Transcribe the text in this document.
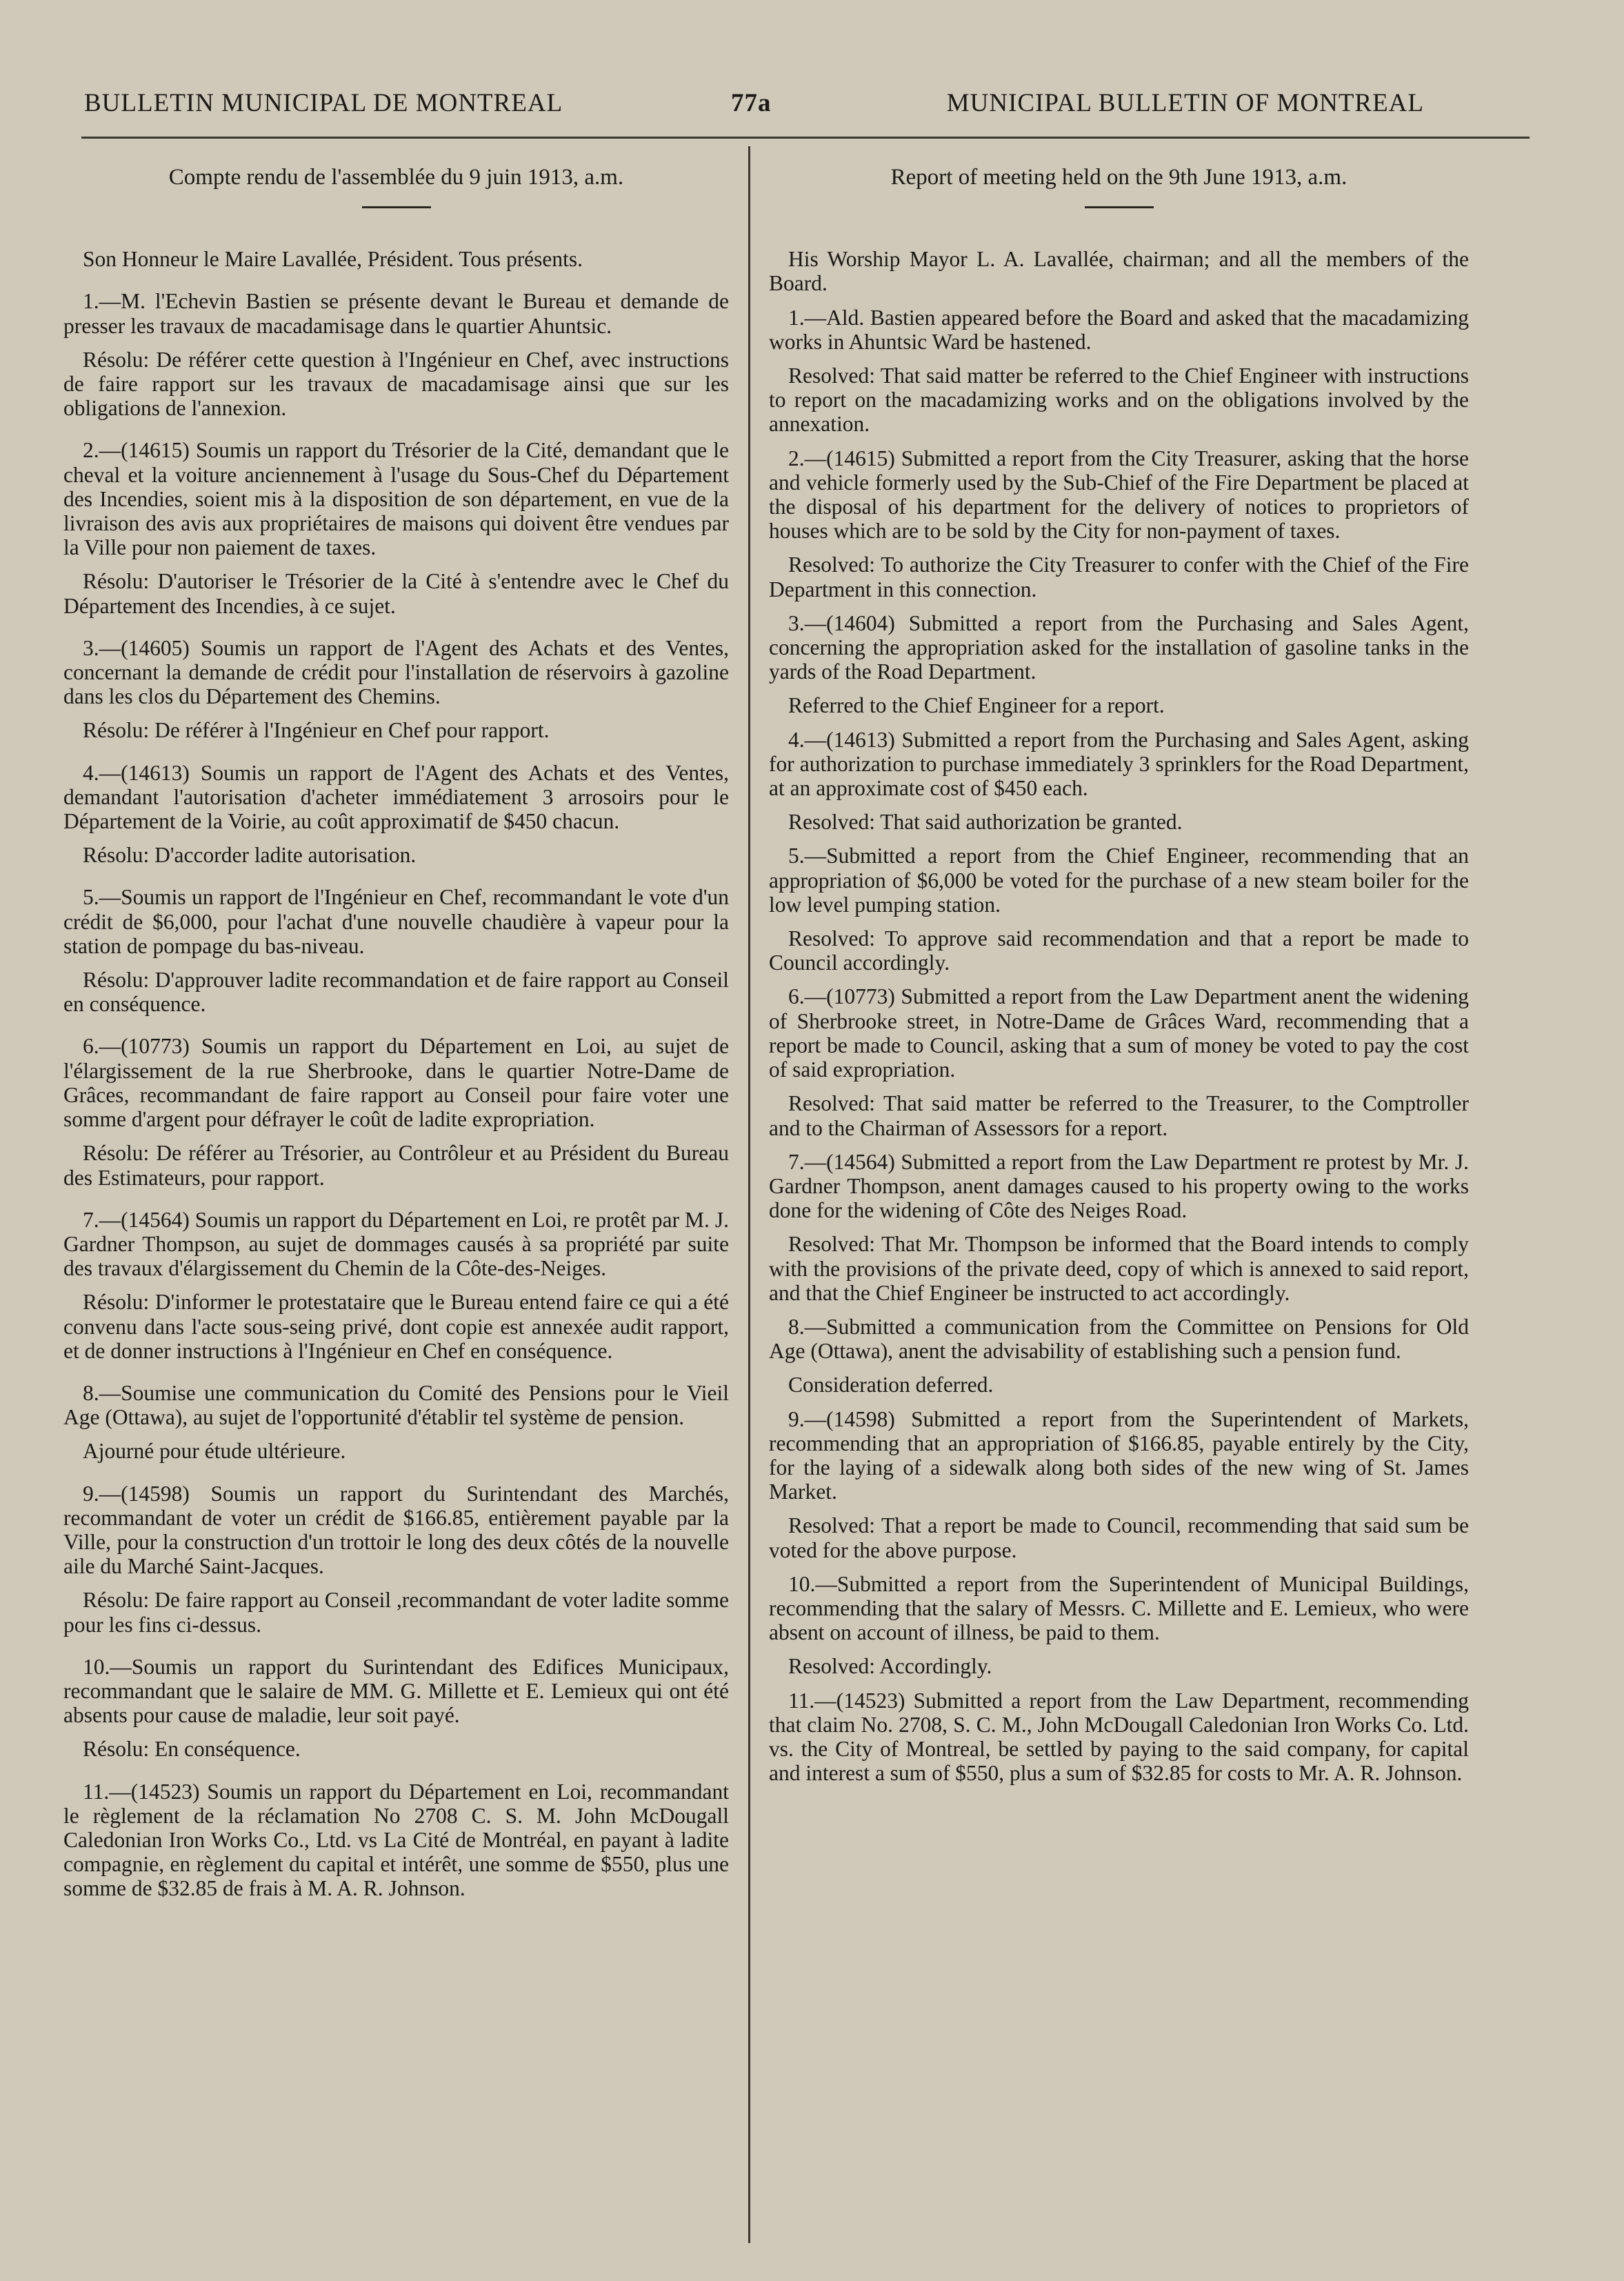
BULLETIN MUNICIPAL DE MONTREAL	77a	MUNICIPAL BULLETIN OF MONTREAL

Compte rendu de l'assemblée du 9 juin 1913, a.m.

Son Honneur le Maire Lavallée, Président. Tous présents.

1.—M. l'Echevin Bastien se présente devant le Bureau et demande de presser les travaux de macadamisage dans le quartier Ahuntsic.

Résolu: De référer cette question à l'Ingénieur en Chef, avec instructions de faire rapport sur les travaux de macadamisage ainsi que sur les obligations de l'annexion.

2.—(14615) Soumis un rapport du Trésorier de la Cité, demandant que le cheval et la voiture anciennement à l'usage du Sous-Chef du Département des Incendies, soient mis à la disposition de son département, en vue de la livraison des avis aux propriétaires de maisons qui doivent être vendues par la Ville pour non paiement de taxes.

Résolu: D'autoriser le Trésorier de la Cité à s'entendre avec le Chef du Département des Incendies, à ce sujet.

3.—(14605) Soumis un rapport de l'Agent des Achats et des Ventes, concernant la demande de crédit pour l'installation de réservoirs à gazoline dans les clos du Département des Chemins.

Résolu: De référer à l'Ingénieur en Chef pour rapport.

4.—(14613) Soumis un rapport de l'Agent des Achats et des Ventes, demandant l'autorisation d'acheter immédiatement 3 arrosoirs pour le Département de la Voirie, au coût approximatif de $450 chacun.

Résolu: D'accorder ladite autorisation.

5.—Soumis un rapport de l'Ingénieur en Chef, recommandant le vote d'un crédit de $6,000, pour l'achat d'une nouvelle chaudière à vapeur pour la station de pompage du bas-niveau.

Résolu: D'approuver ladite recommandation et de faire rapport au Conseil en conséquence.

6.—(10773) Soumis un rapport du Département en Loi, au sujet de l'élargissement de la rue Sherbrooke, dans le quartier Notre-Dame de Grâces, recommandant de faire rapport au Conseil pour faire voter une somme d'argent pour défrayer le coût de ladite expropriation.

Résolu: De référer au Trésorier, au Contrôleur et au Président du Bureau des Estimateurs, pour rapport.

7.—(14564) Soumis un rapport du Département en Loi, re protêt par M. J. Gardner Thompson, au sujet de dommages causés à sa propriété par suite des travaux d'élargissement du Chemin de la Côte-des-Neiges.

Résolu: D'informer le protestataire que le Bureau entend faire ce qui a été convenu dans l'acte sous-seing privé, dont copie est annexée audit rapport, et de donner instructions à l'Ingénieur en Chef en conséquence.

8.—Soumise une communication du Comité des Pensions pour le Vieil Age (Ottawa), au sujet de l'opportunité d'établir tel système de pension.

Ajourné pour étude ultérieure.

9.—(14598) Soumis un rapport du Surintendant des Marchés, recommandant de voter un crédit de $166.85, entièrement payable par la Ville, pour la construction d'un trottoir le long des deux côtés de la nouvelle aile du Marché Saint-Jacques.

Résolu: De faire rapport au Conseil ,recommandant de voter ladite somme pour les fins ci-dessus.

10.—Soumis un rapport du Surintendant des Edifices Municipaux, recommandant que le salaire de MM. G. Millette et E. Lemieux qui ont été absents pour cause de maladie, leur soit payé.

Résolu: En conséquence.

11.—(14523) Soumis un rapport du Département en Loi, recommandant le règlement de la réclamation No 2708 C. S. M. John McDougall Caledonian Iron Works Co., Ltd. vs La Cité de Montréal, en payant à ladite compagnie, en règlement du capital et intérêt, une somme de $550, plus une somme de $32.85 de frais à M. A. R. Johnson.

Report of meeting held on the 9th June 1913, a.m.

His Worship Mayor L. A. Lavallée, chairman; and all the members of the Board.

1.—Ald. Bastien appeared before the Board and asked that the macadamizing works in Ahuntsic Ward be hastened.

Resolved: That said matter be referred to the Chief Engineer with instructions to report on the macadamizing works and on the obligations involved by the annexation.

2.—(14615) Submitted a report from the City Treasurer, asking that the horse and vehicle formerly used by the Sub-Chief of the Fire Department be placed at the disposal of his department for the delivery of notices to proprietors of houses which are to be sold by the City for non-payment of taxes.

Resolved: To authorize the City Treasurer to confer with the Chief of the Fire Department in this connection.

3.—(14604) Submitted a report from the Purchasing and Sales Agent, concerning the appropriation asked for the installation of gasoline tanks in the yards of the Road Department.

Referred to the Chief Engineer for a report.

4.—(14613) Submitted a report from the Purchasing and Sales Agent, asking for authorization to purchase immediately 3 sprinklers for the Road Department, at an approximate cost of $450 each.

Resolved: That said authorization be granted.

5.—Submitted a report from the Chief Engineer, recommending that an appropriation of $6,000 be voted for the purchase of a new steam boiler for the low level pumping station.

Resolved: To approve said recommendation and that a report be made to Council accordingly.

6.—(10773) Submitted a report from the Law Department anent the widening of Sherbrooke street, in Notre-Dame de Grâces Ward, recommending that a report be made to Council, asking that a sum of money be voted to pay the cost of said expropriation.

Resolved: That said matter be referred to the Treasurer, to the Comptroller and to the Chairman of Assessors for a report.

7.—(14564) Submitted a report from the Law Department re protest by Mr. J. Gardner Thompson, anent damages caused to his property owing to the works done for the widening of Côte des Neiges Road.

Resolved: That Mr. Thompson be informed that the Board intends to comply with the provisions of the private deed, copy of which is annexed to said report, and that the Chief Engineer be instructed to act accordingly.

8.—Submitted a communication from the Committee on Pensions for Old Age (Ottawa), anent the advisability of establishing such a pension fund.

Consideration deferred.

9.—(14598) Submitted a report from the Superintendent of Markets, recommending that an appropriation of $166.85, payable entirely by the City, for the laying of a sidewalk along both sides of the new wing of St. James Market.

Resolved: That a report be made to Council, recommending that said sum be voted for the above purpose.

10.—Submitted a report from the Superintendent of Municipal Buildings, recommending that the salary of Messrs. C. Millette and E. Lemieux, who were absent on account of illness, be paid to them.

Resolved: Accordingly.

11.—(14523) Submitted a report from the Law Department, recommending that claim No. 2708, S. C. M., John McDougall Caledonian Iron Works Co. Ltd. vs. the City of Montreal, be settled by paying to the said company, for capital and interest a sum of $550, plus a sum of $32.85 for costs to Mr. A. R. Johnson.
